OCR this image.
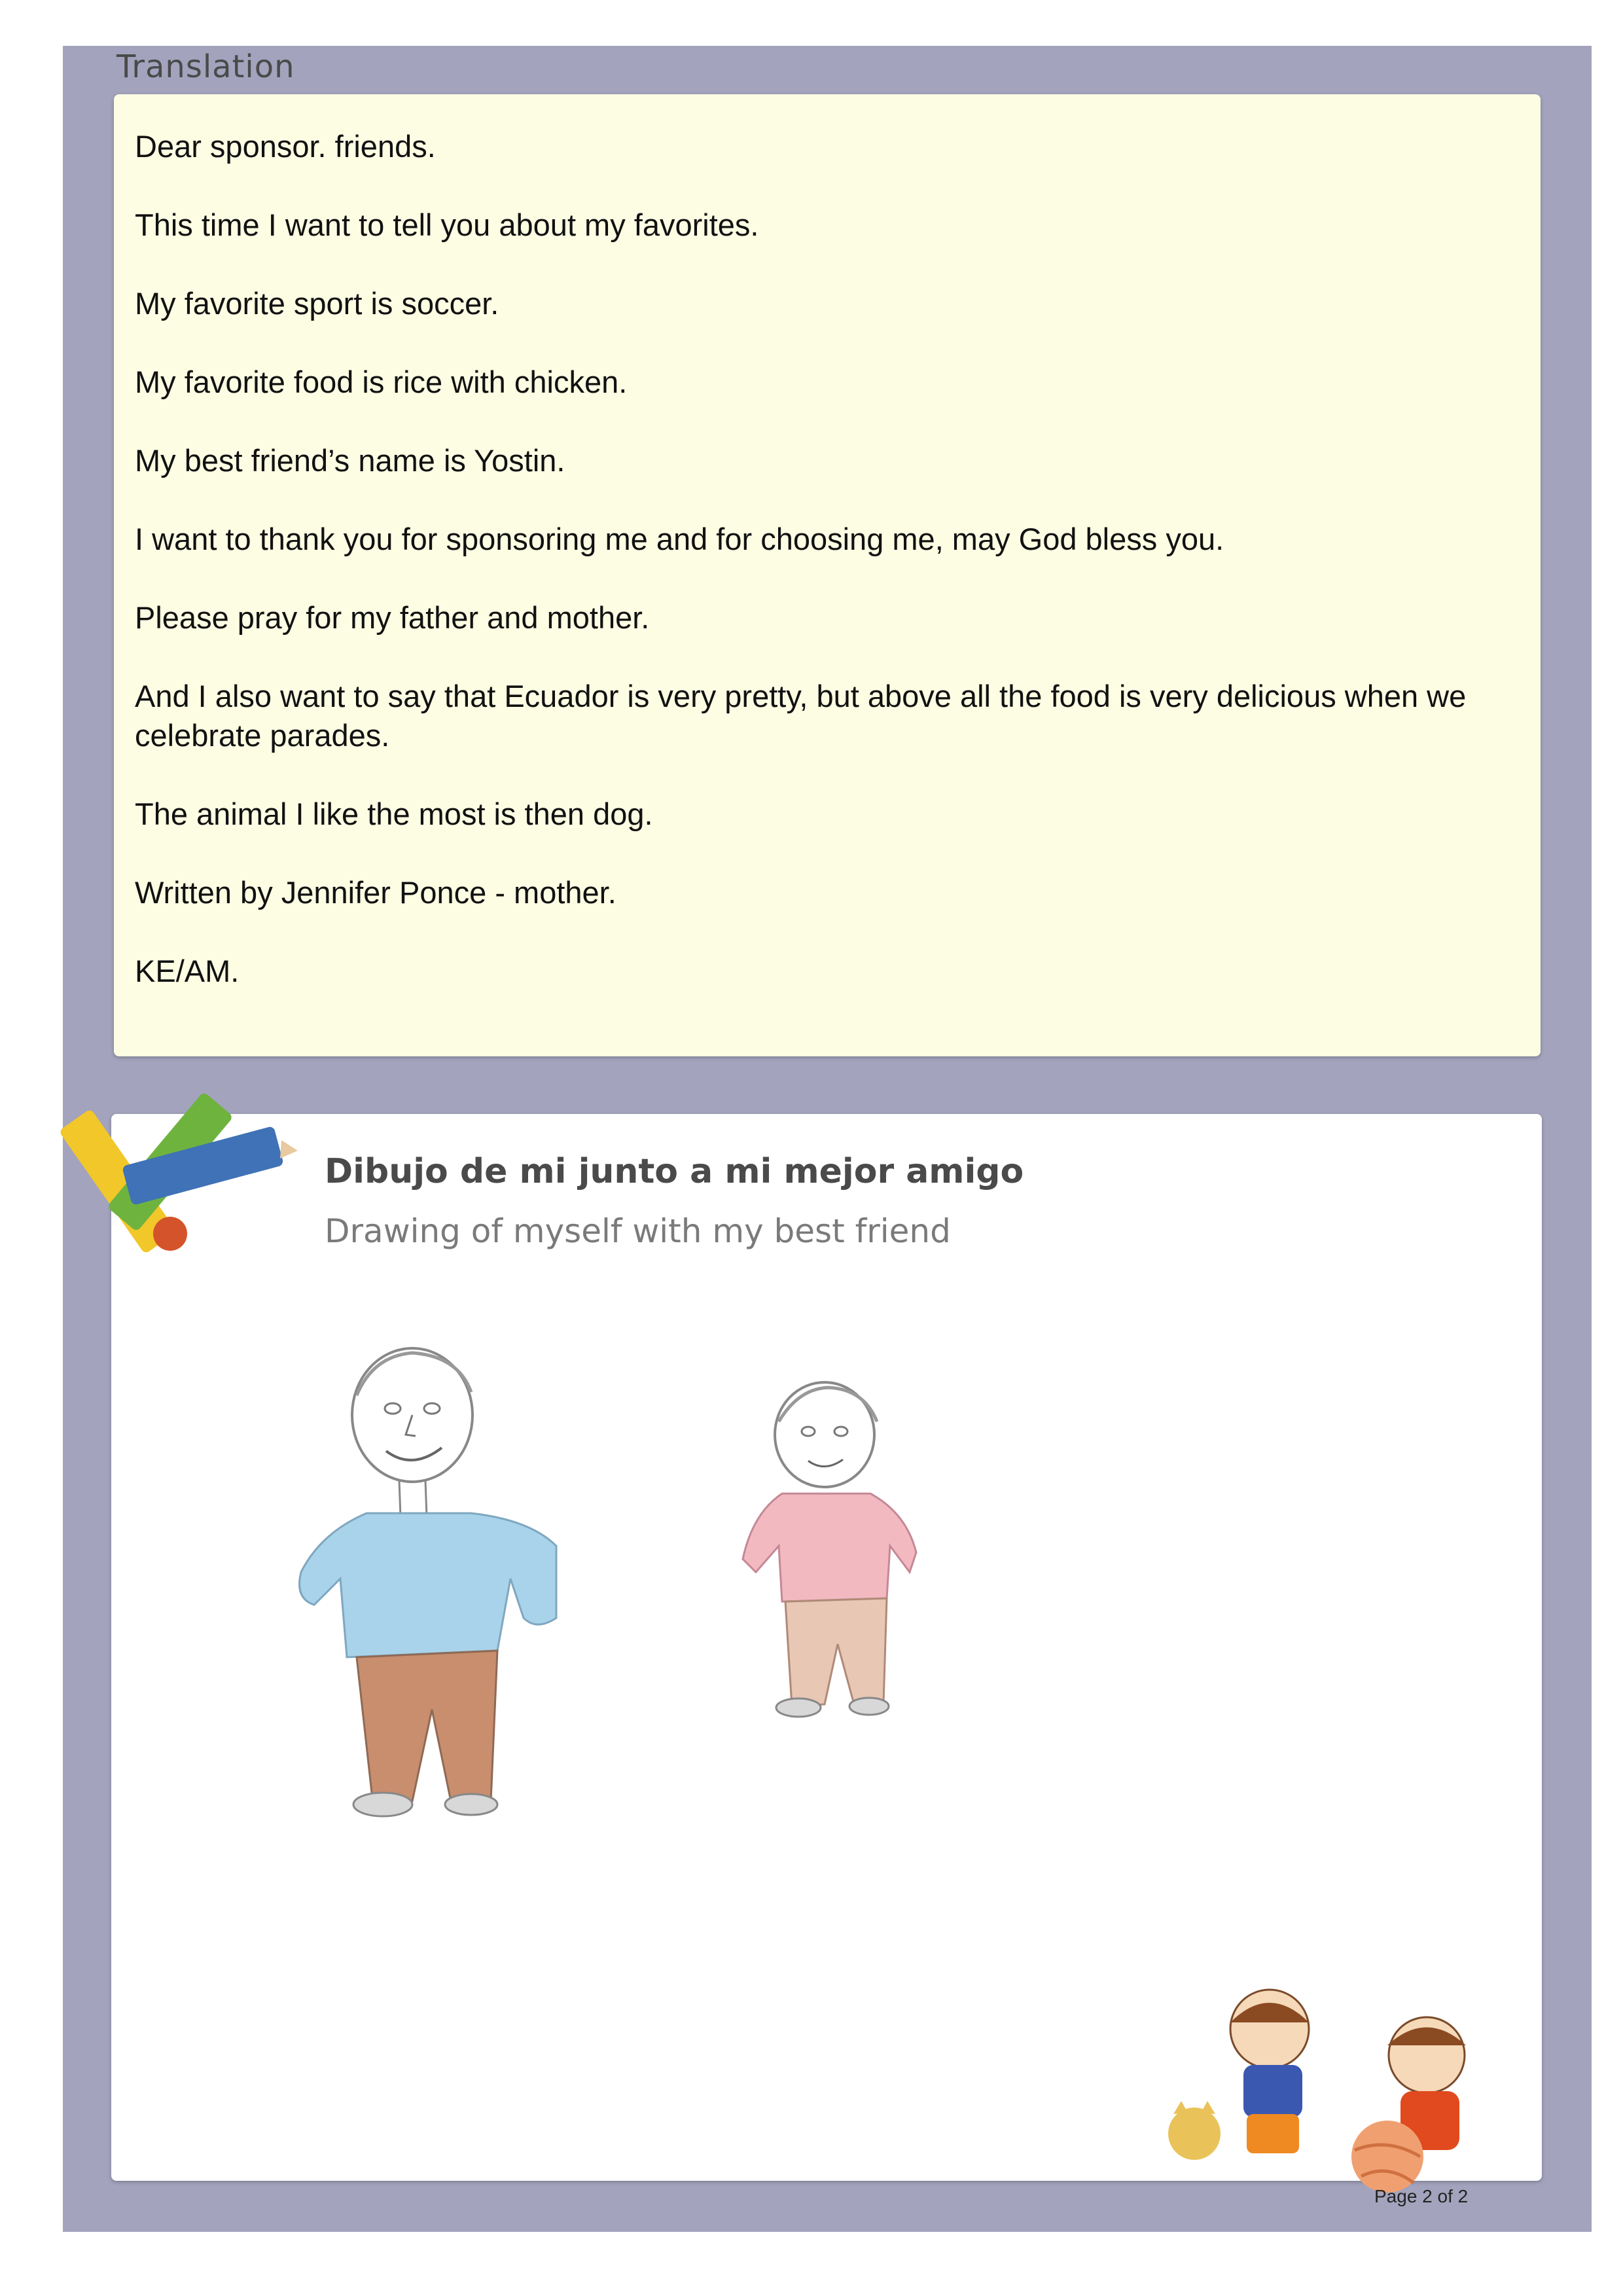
Translation

Dear sponsor. friends.

This time I want to tell you about my favorites.

My favorite sport is soccer.

My favorite food is rice with chicken.

My best friend’s name is Yostin.

I want to thank you for sponsoring me and for choosing me, may God bless you.

Please pray for my father and mother.

And I also want to say that Ecuador is very pretty, but above all the food is very delicious when we celebrate parades.

The animal I like the most is then dog.

Written by Jennifer Ponce - mother.

KE/AM.

Dibujo de mi junto a mi mejor amigo
Drawing of myself with my best friend
Page 2 of 2
